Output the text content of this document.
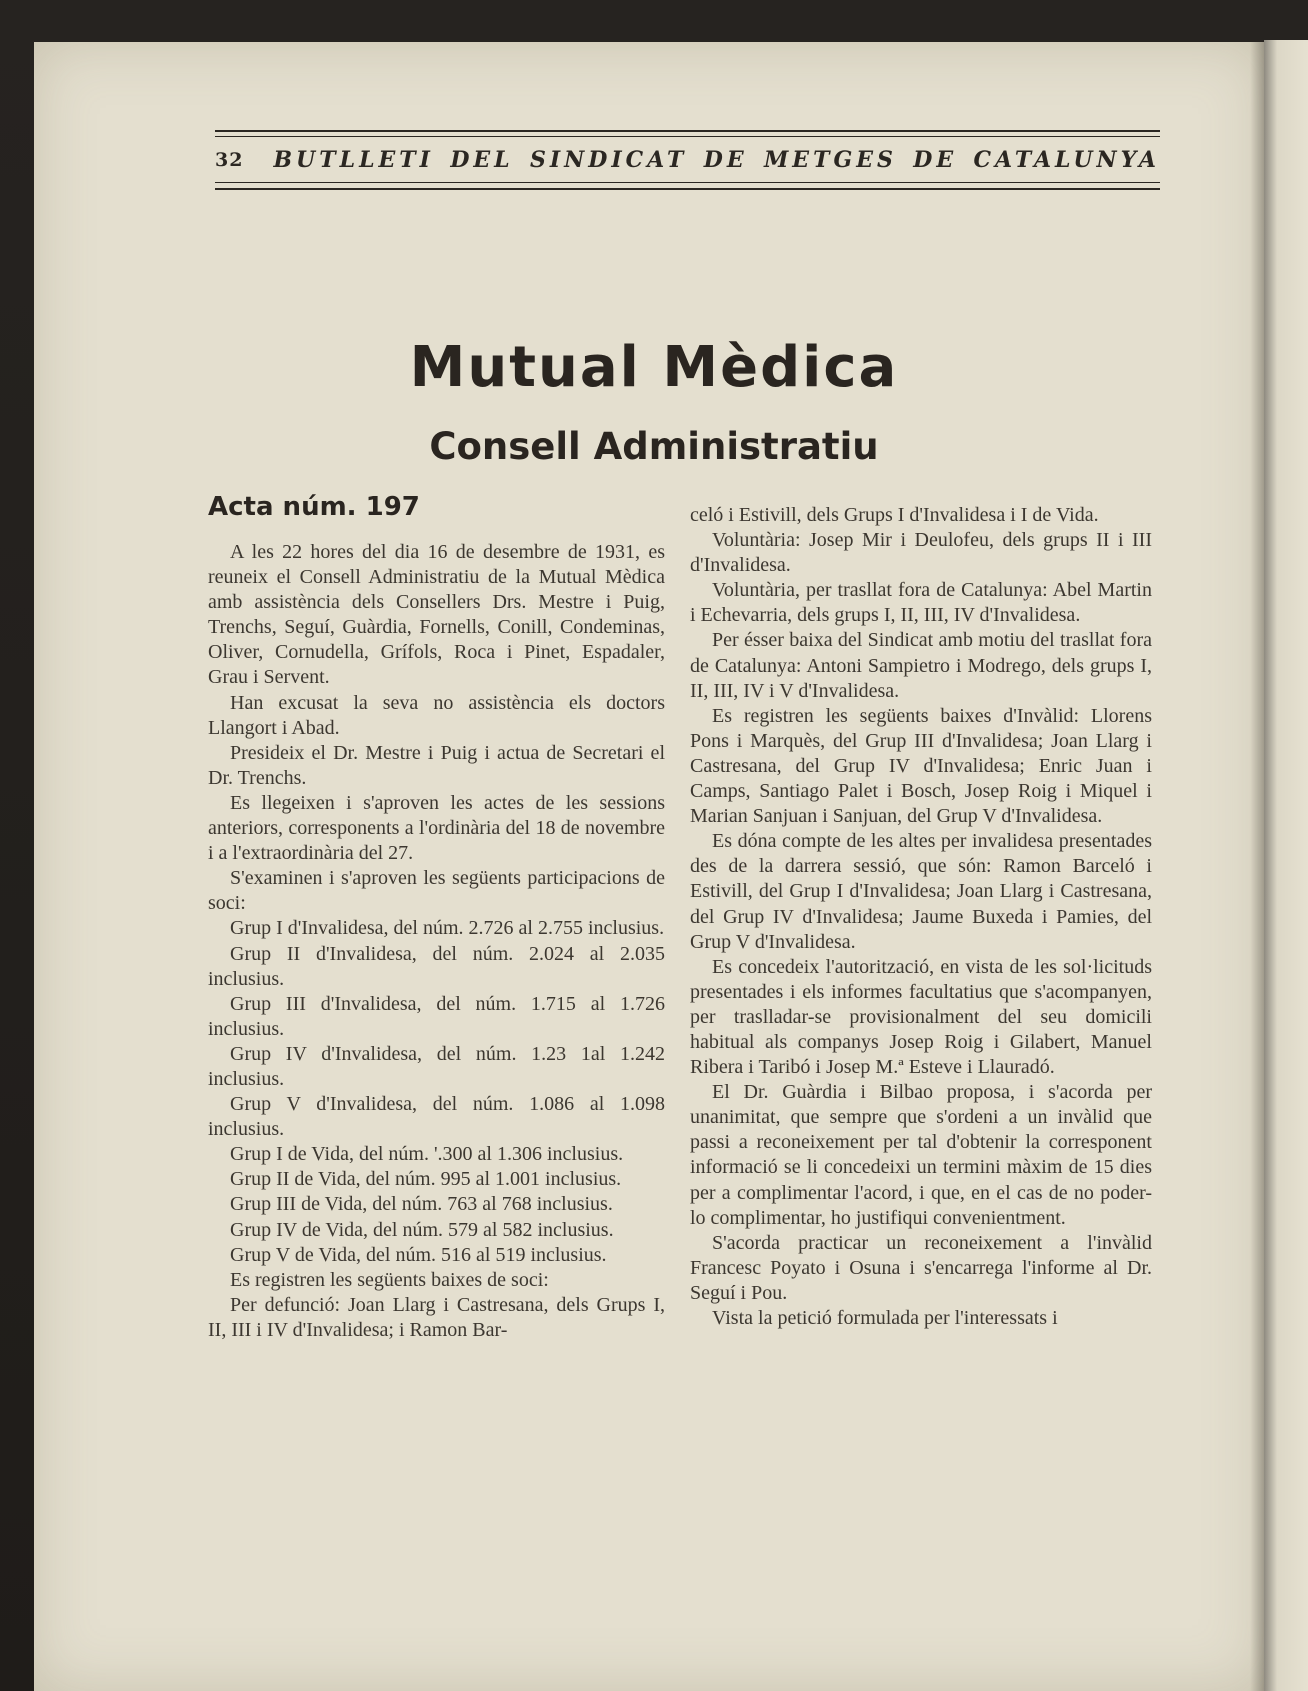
32 BUTLLETI DEL SINDICAT DE METGES DE CATALUNYA
Mutual Mèdica
Consell Administratiu
Acta núm. 197

A les 22 hores del dia 16 de desembre de 1931, es reuneix el Consell Administratiu de la Mutual Mèdica amb assistència dels Consellers Drs. Mestre i Puig, Trenchs, Seguí, Guàrdia, Fornells, Conill, Condeminas, Oliver, Cornudella, Grífols, Roca i Pinet, Espadaler, Grau i Servent.

Han excusat la seva no assistència els doctors Llangort i Abad.

Presideix el Dr. Mestre i Puig i actua de Secretari el Dr. Trenchs.

Es llegeixen i s'aproven les actes de les sessions anteriors, corresponents a l'ordinària del 18 de novembre i a l'extraordinària del 27.

S'examinen i s'aproven les següents participacions de soci:

Grup I d'Invalidesa, del núm. 2.726 al 2.755 inclusius.

Grup II d'Invalidesa, del núm. 2.024 al 2.035 inclusius.

Grup III d'Invalidesa, del núm. 1.715 al 1.726 inclusius.

Grup IV d'Invalidesa, del núm. 1.23 1al 1.242 inclusius.

Grup V d'Invalidesa, del núm. 1.086 al 1.098 inclusius.

Grup I de Vida, del núm. '.300 al 1.306 inclusius.

Grup II de Vida, del núm. 995 al 1.001 inclusius.

Grup III de Vida, del núm. 763 al 768 inclusius.

Grup IV de Vida, del núm. 579 al 582 inclusius.

Grup V de Vida, del núm. 516 al 519 inclusius.

Es registren les següents baixes de soci:

Per defunció: Joan Llarg i Castresana, dels Grups I, II, III i IV d'Invalidesa; i Ramon Bar-

celó i Estivill, dels Grups I d'Invalidesa i I de Vida.

Voluntària: Josep Mir i Deulofeu, dels grups II i III d'Invalidesa.

Voluntària, per trasllat fora de Catalunya: Abel Martin i Echevarria, dels grups I, II, III, IV d'Invalidesa.

Per ésser baixa del Sindicat amb motiu del trasllat fora de Catalunya: Antoni Sampietro i Modrego, dels grups I, II, III, IV i V d'Invalidesa.

Es registren les següents baixes d'Invàlid: Llorens Pons i Marquès, del Grup III d'Invalidesa; Joan Llarg i Castresana, del Grup IV d'Invalidesa; Enric Juan i Camps, Santiago Palet i Bosch, Josep Roig i Miquel i Marian Sanjuan i Sanjuan, del Grup V d'Invalidesa.

Es dóna compte de les altes per invalidesa presentades des de la darrera sessió, que són: Ramon Barceló i Estivill, del Grup I d'Invalidesa; Joan Llarg i Castresana, del Grup IV d'Invalidesa; Jaume Buxeda i Pamies, del Grup V d'Invalidesa.

Es concedeix l'autorització, en vista de les sol·licituds presentades i els informes facultatius que s'acompanyen, per traslladar-se provisionalment del seu domicili habitual als companys Josep Roig i Gilabert, Manuel Ribera i Taribó i Josep M.ª Esteve i Llauradó.

El Dr. Guàrdia i Bilbao proposa, i s'acorda per unanimitat, que sempre que s'ordeni a un invàlid que passi a reconeixement per tal d'obtenir la corresponent informació se li concedeixi un termini màxim de 15 dies per a complimentar l'acord, i que, en el cas de no poder-lo complimentar, ho justifiqui convenientment.

S'acorda practicar un reconeixement a l'invàlid Francesc Poyato i Osuna i s'encarrega l'informe al Dr. Seguí i Pou.

Vista la petició formulada per l'interessats i
